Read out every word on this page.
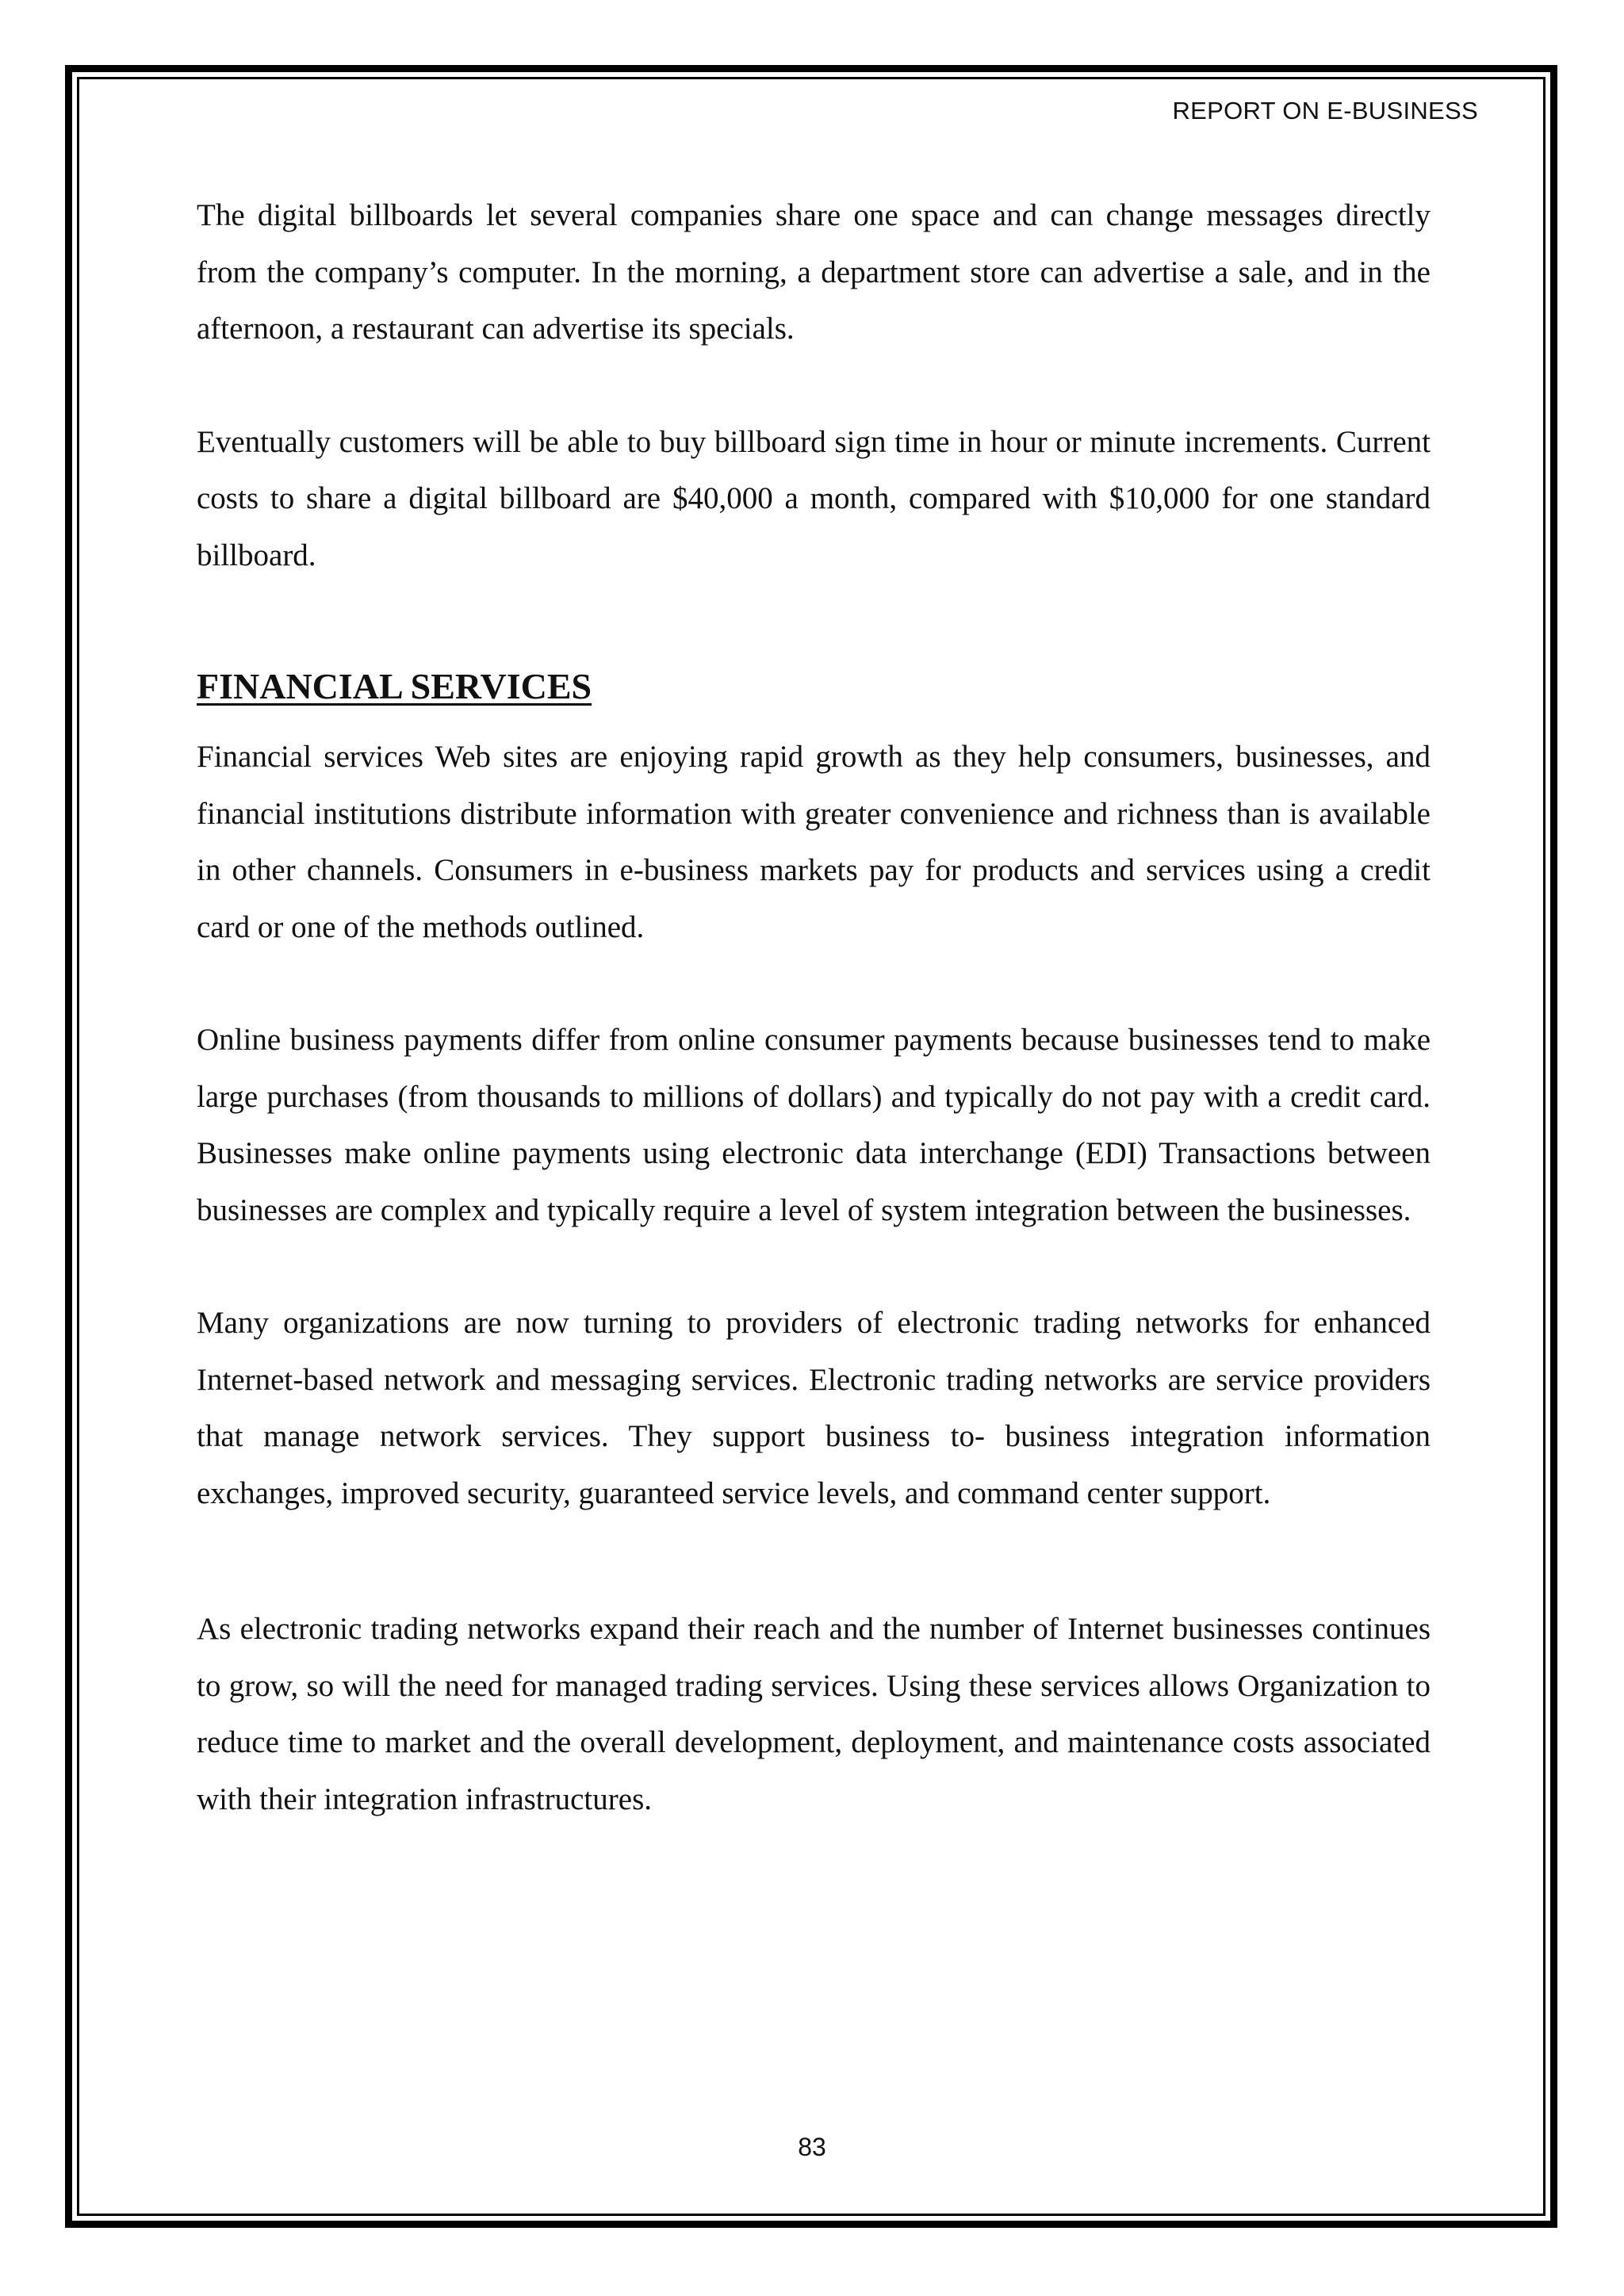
REPORT ON E-BUSINESS

The digital billboards let several companies share one space and can change messages directly from the company’s computer. In the morning, a department store can advertise a sale, and in the afternoon, a restaurant can advertise its specials.

Eventually customers will be able to buy billboard sign time in hour or minute increments. Current costs to share a digital billboard are $40,000 a month, compared with $10,000 for one standard billboard.

FINANCIAL SERVICES

Financial services Web sites are enjoying rapid growth as they help consumers, businesses, and financial institutions distribute information with greater convenience and richness than is available in other channels. Consumers in e-business markets pay for products and services using a credit card or one of the methods outlined.

Online business payments differ from online consumer payments because businesses tend to make large purchases (from thousands to millions of dollars) and typically do not pay with a credit card. Businesses make online payments using electronic data interchange (EDI) Transactions between businesses are complex and typically require a level of system integration between the businesses.

Many organizations are now turning to providers of electronic trading networks for enhanced Internet-based network and messaging services. Electronic trading networks are service providers that manage network services. They support business to- business integration information exchanges, improved security, guaranteed service levels, and command center support.

As electronic trading networks expand their reach and the number of Internet businesses continues to grow, so will the need for managed trading services. Using these services allows Organization to reduce time to market and the overall development, deployment, and maintenance costs associated with their integration infrastructures.

83
